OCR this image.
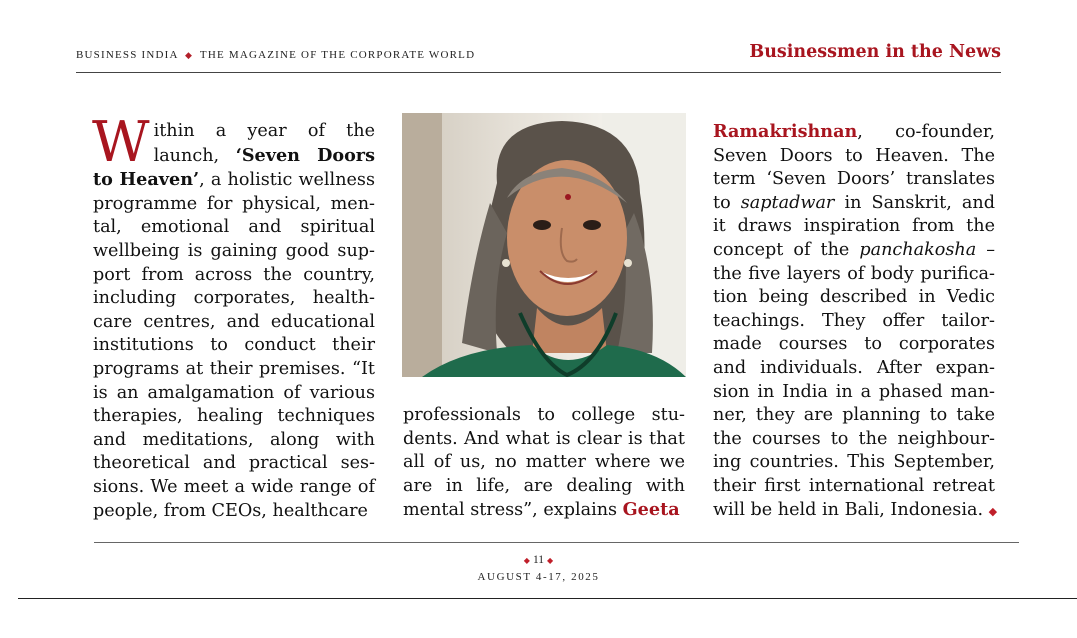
BUSINESS INDIA ◆ THE MAGAZINE OF THE CORPORATE WORLD	Businessmen in the News
W ithin a year of the
launch, ‘Seven Doors
to Heaven’, a holistic wellness
programme for physical, men-
tal, emotional and spiritual
wellbeing is gaining good sup-
port from across the country,
including corporates, health-
care centres, and educational
institutions to conduct their
programs at their premises. “It
is an amalgamation of various
therapies, healing techniques
and meditations, along with
theoretical and practical ses-
sions. We meet a wide range of
people, from CEOs, healthcare
professionals to college stu-
dents. And what is clear is that
all of us, no matter where we
are in life, are dealing with
mental stress”, explains Geeta
Ramakrishnan, co-founder,
Seven Doors to Heaven. The
term ‘Seven Doors’ translates
to saptadwar in Sanskrit, and
it draws inspiration from the
concept of the panchakosha –
the five layers of body purifica-
tion being described in Vedic
teachings. They offer tailor-
made courses to corporates
and individuals. After expan-
sion in India in a phased man-
ner, they are planning to take
the courses to the neighbour-
ing countries. This September,
their first international retreat
will be held in Bali, Indonesia. ◆
◆ 11 ◆
AUGUST 4-17, 2025
